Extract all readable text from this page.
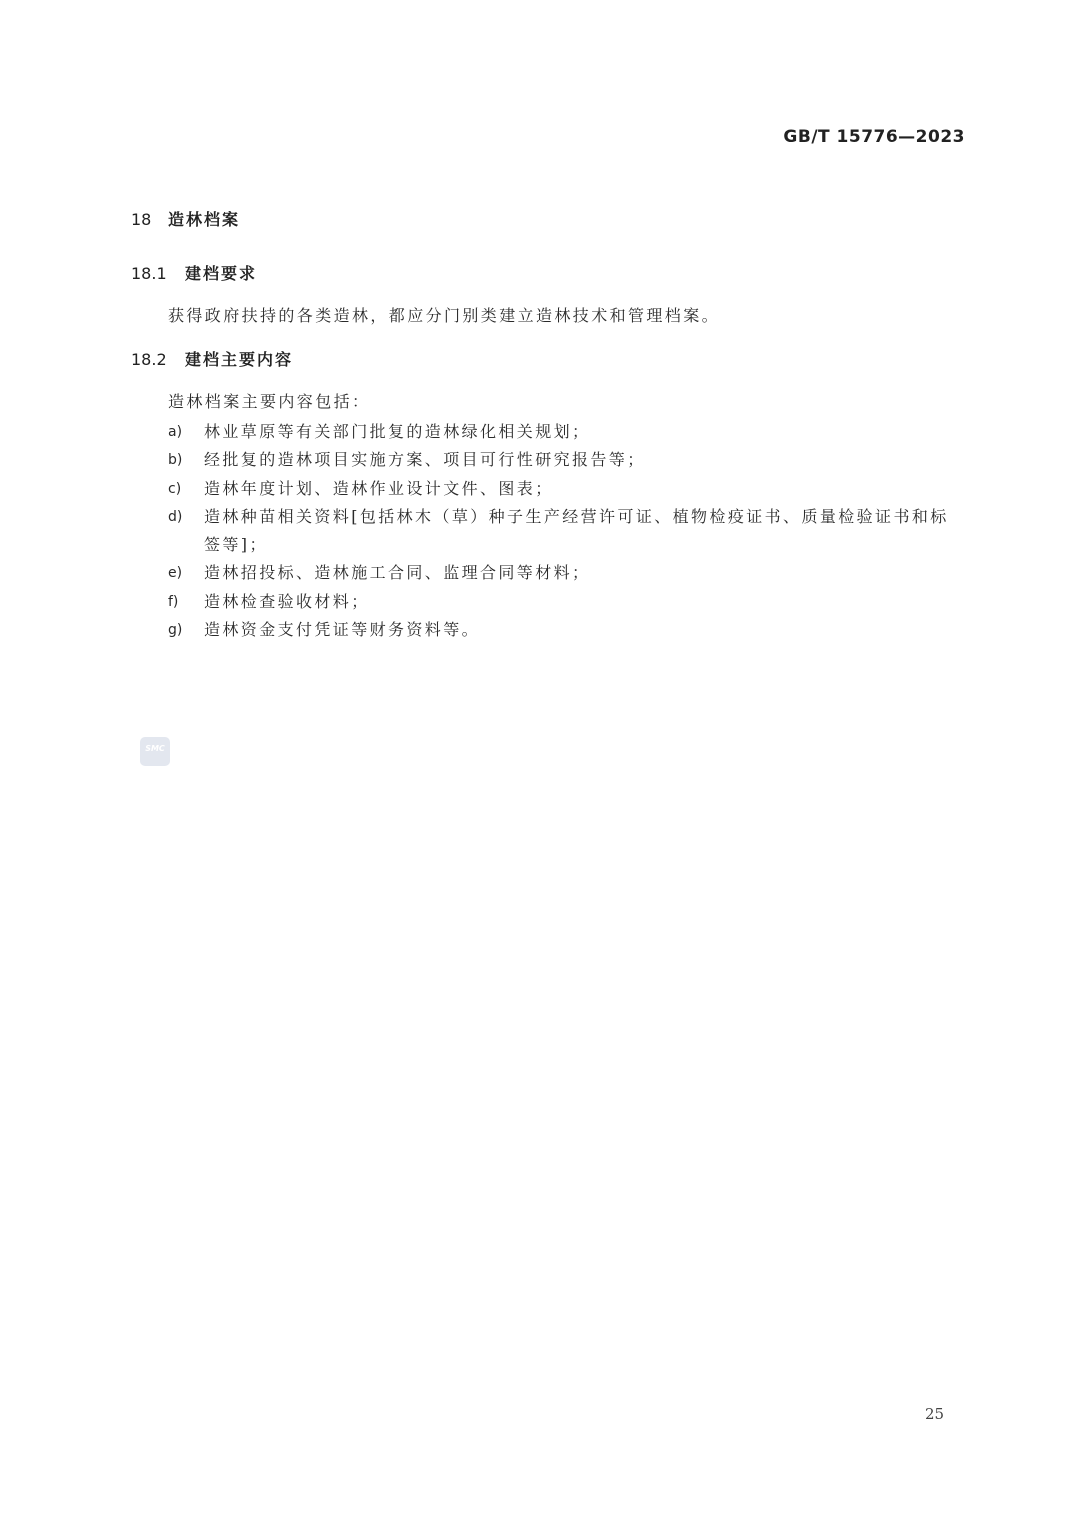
GB/T 15776—2023
18 造林档案
18.1 建档要求
获得政府扶持的各类造林，都应分门别类建立造林技术和管理档案。
18.2 建档主要内容
造林档案主要内容包括：
a) 林业草原等有关部门批复的造林绿化相关规划；
b) 经批复的造林项目实施方案、项目可行性研究报告等；
c) 造林年度计划、造林作业设计文件、图表；
d) 造林种苗相关资料[包括林木（草）种子生产经营许可证、植物检疫证书、质量检验证书和标
签等]；
e) 造林招投标、造林施工合同、监理合同等材料；
f) 造林检查验收材料；
g) 造林资金支付凭证等财务资料等。
SMC
25
